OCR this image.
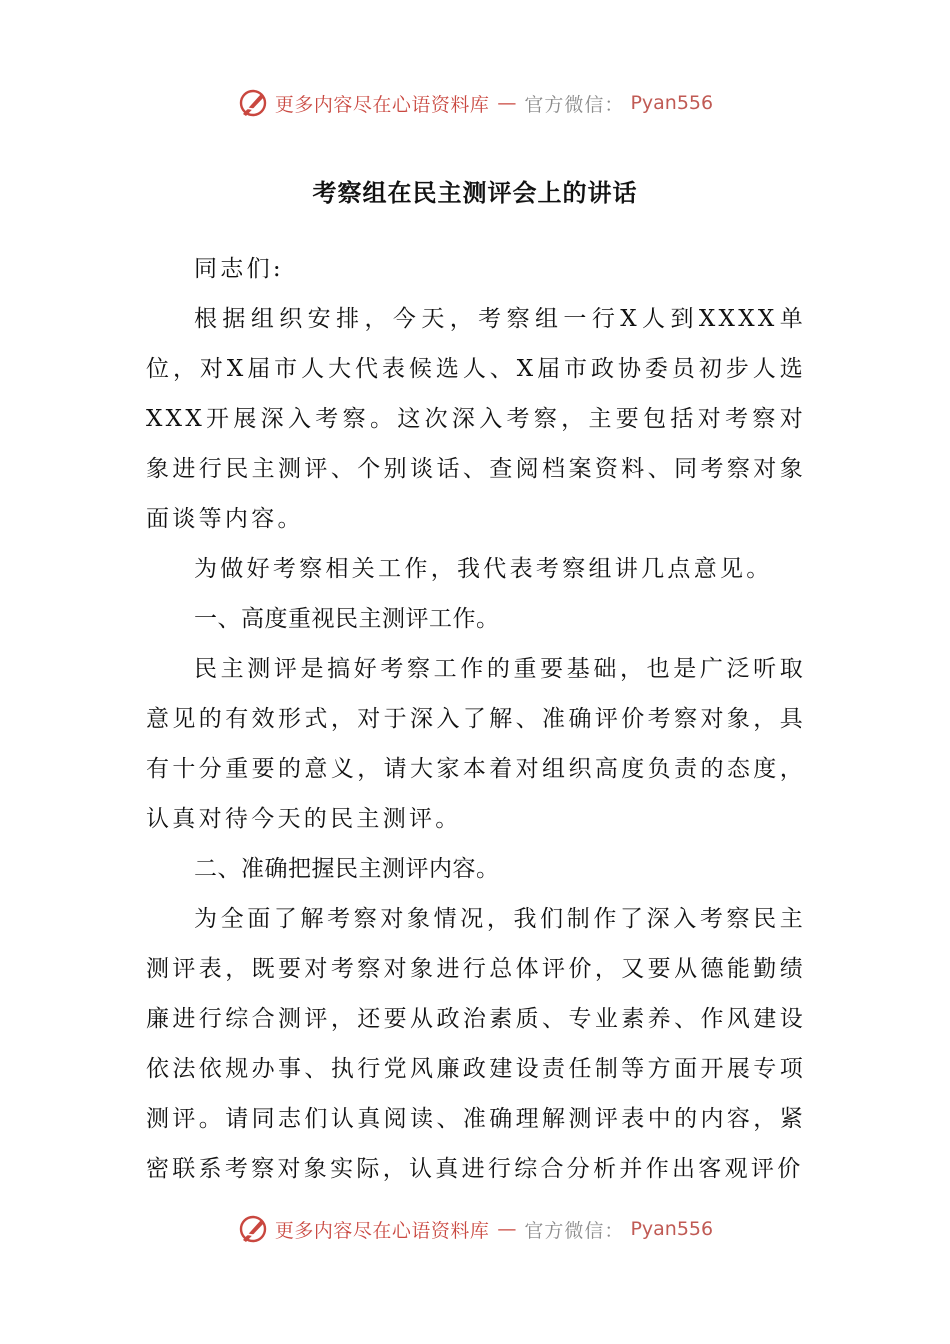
更多内容尽在心语资料库 — 官方微信： Pyan556
考察组在民主测评会上的讲话

同志们:

根据组织安排，今天，考察组一行X人到XXXX单位，对X届市人大代表候选人、X届市政协委员初步人选XXX开展深入考察。这次深入考察，主要包括对考察对象进行民主测评、个别谈话、查阅档案资料、同考察对象面谈等内容。

为做好考察相关工作，我代表考察组讲几点意见。

一、高度重视民主测评工作。

民主测评是搞好考察工作的重要基础，也是广泛听取意见的有效形式，对于深入了解、准确评价考察对象，具有十分重要的意义，请大家本着对组织高度负责的态度，认真对待今天的民主测评。

二、准确把握民主测评内容。

为全面了解考察对象情况，我们制作了深入考察民主测评表，既要对考察对象进行总体评价，又要从德能勤绩廉进行综合测评，还要从政治素质、专业素养、作风建设依法依规办事、执行党风廉政建设责任制等方面开展专项测评。请同志们认真阅读、准确理解测评表中的内容，紧密联系考察对象实际，认真进行综合分析并作出客观评价

更多内容尽在心语资料库 — 官方微信： Pyan556
